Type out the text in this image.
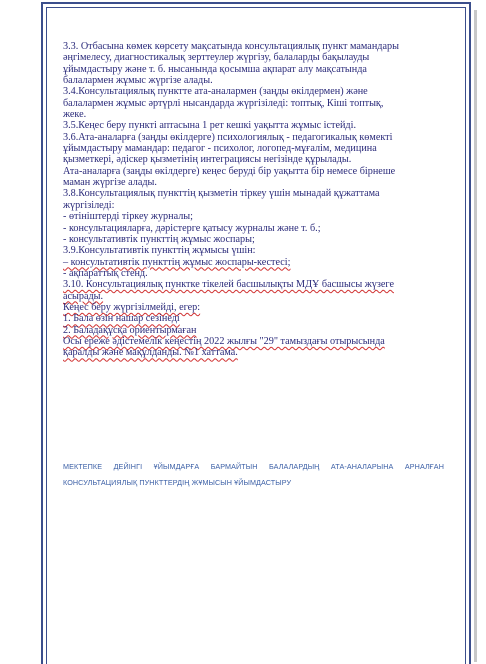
3.3. Отбасына көмек көрсету мақсатында консультациялық пункт мамандары

әңгімелесу, диагностикалық зерттеулер жүргізу, балаларды бақылауды

ұйымдастыру және т. б. нысанында қосымша ақпарат алу мақсатында

балалармен жұмыс жүргізе алады.

3.4.Консультациялық пунктте ата-аналармен (заңды өкілдермен) және

балалармен жұмыс әртүрлі нысандарда жүргізіледі: топтық, Кіші топтық,

жеке.

3.5.Кеңес беру пункті аптасына 1 рет кешкі уақытта жұмыс істейді.

3.6.Ата-аналарға (заңды өкілдерге) психологиялық - педагогикалық көмекті

ұйымдастыру мамандар: педагог - психолог, логопед-мұғалім, медицина

қызметкері, әдіскер қызметінің интеграциясы негізінде құрылады.

Ата-аналарға (заңды өкілдерге) кеңес беруді бір уақытта бір немесе бірнеше

маман жүргізе алады.

3.8.Консультациялық пункттің қызметін тіркеу үшін мынадай құжаттама

жүргізіледі:

- өтініштерді тіркеу журналы;

- консультацияларға, дәрістерге қатысу журналы және т. б.;

- консультативтік пункттің жұмыс жоспары;

3.9.Консультативтік пункттің жұмысы үшін:

– консультативтік пункттің жұмыс жоспары-кестесі;

- ақпараттық стенд.

3.10. Консультациялық пунктке тікелей басшылықты МДҰ басшысы жүзеге

асырады.

Кеңес беру жүргізілмейді, егер:

1. Бала өзін нашар сезінеді

2. Баладақұсқа ориентырмаған

Осы ереже әдістемелік кеңестің 2022 жылғы "29" тамыздағы отырысында

қаралды және мақұлданды. №1 хаттама.

МЕКТЕПКЕ ДЕЙІНГІ ҰЙЫМДАРҒА БАРМАЙТЫН БАЛАЛАРДЫҢ АТА-АНАЛАРЫНА АРНАЛҒАН КОНСУЛЬТАЦИЯЛЫҚ ПУНКТТЕРДІҢ ЖҰМЫСЫН ҰЙЫМДАСТЫРУ
